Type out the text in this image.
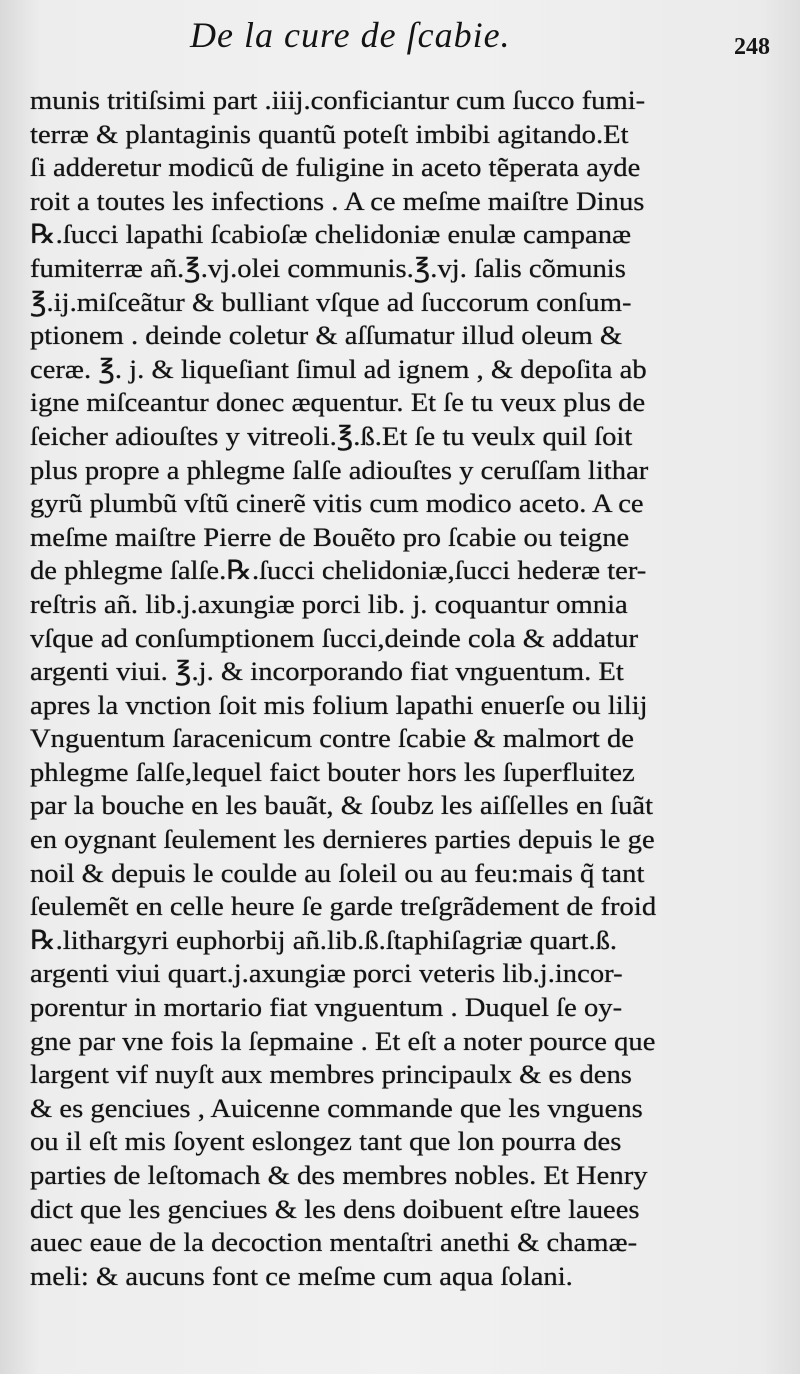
De la cure de ſcabie.	248
munis tritiſsimi part .iiij.conficiantur cum ſucco fumi-
terræ & plantaginis quantũ poteſt imbibi agitando.Et
ſi adderetur modicũ de fuligine in aceto tẽperata ayde
roit a toutes les infections . A ce meſme maiſtre Dinus
℞.ſucci lapathi ſcabioſæ chelidoniæ enulæ campanæ
fumiterræ añ.℥.vj.olei communis.℥.vj. ſalis cõmunis
℥.ij.miſceãtur & bulliant vſque ad ſuccorum conſum-
ptionem . deinde coletur & aſſumatur illud oleum &
ceræ. ℥. j. & liqueſiant ſimul ad ignem , & depoſita ab
igne miſceantur donec æquentur. Et ſe tu veux plus de
ſeicher adiouſtes y vitreoli.℥.ß.Et ſe tu veulx quil ſoit
plus propre a phlegme ſalſe adiouſtes y ceruſſam lithar
gyrũ plumbũ vſtũ cinerẽ vitis cum modico aceto. A ce
meſme maiſtre Pierre de Bouẽto pro ſcabie ou teigne
de phlegme ſalſe.℞.ſucci chelidoniæ,ſucci hederæ ter-
reſtris añ. lib.j.axungiæ porci lib. j. coquantur omnia
vſque ad conſumptionem ſucci,deinde cola & addatur
argenti viui. ℥.j. & incorporando fiat vnguentum. Et
apres la vnction ſoit mis folium lapathi enuerſe ou lilij
Vnguentum ſaracenicum contre ſcabie & malmort de
phlegme ſalſe,lequel faict bouter hors les ſuperfluitez
par la bouche en les bauãt, & ſoubz les aiſſelles en ſuãt
en oygnant ſeulement les dernieres parties depuis le ge
noil & depuis le coulde au ſoleil ou au feu:mais q̃ tant
ſeulemẽt en celle heure ſe garde treſgrãdement de froid
℞.lithargyri euphorbij añ.lib.ß.ſtaphiſagriæ quart.ß.
argenti viui quart.j.axungiæ porci veteris lib.j.incor-
porentur in mortario fiat vnguentum . Duquel ſe oy-
gne par vne fois la ſepmaine . Et eſt a noter pource que
largent vif nuyſt aux membres principaulx & es dens
& es genciues , Auicenne commande que les vnguens
ou il eſt mis ſoyent eslongez tant que lon pourra des
parties de leſtomach & des membres nobles. Et Henry
dict que les genciues & les dens doibuent eſtre lauees
auec eaue de la decoction mentaſtri anethi & chamæ-
meli: & aucuns font ce meſme cum aqua ſolani.
